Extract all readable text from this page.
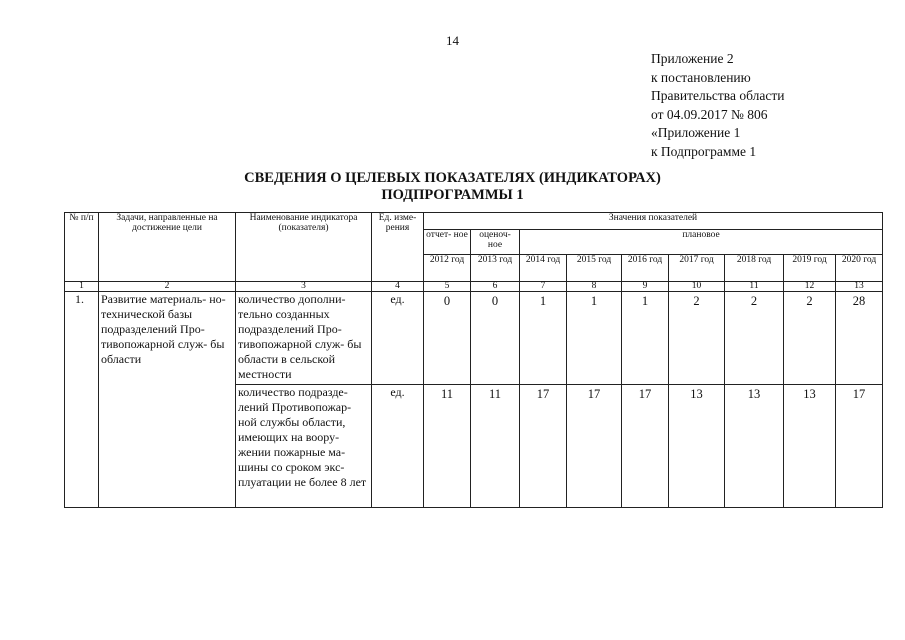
14
Приложение 2
к постановлению
Правительства области
от 04.09.2017 № 806
«Приложение 1
к Подпрограмме 1
СВЕДЕНИЯ О ЦЕЛЕВЫХ ПОКАЗАТЕЛЯХ (ИНДИКАТОРАХ)
ПОДПРОГРАММЫ 1
№ п/п	Задачи, направленные на достижение цели	Наименование индикатора (показателя)	Ед. изме- рения	Значения показателей								
				отчет- ное	оценоч- ное	плановое						
				2012 год	2013 год	2014 год	2015 год	2016 год	2017 год	2018 год	2019 год	2020 год
1	2	3	4	5	6	7	8	9	10	11	12	13
1.	Развитие материаль- но-технической базы подразделений Про- тивопожарной служ- бы области	количество дополни- тельно созданных подразделений Про- тивопожарной служ- бы области в сельской местности	ед.	0	0	1	1	1	2	2	2	28
		количество подразде- лений Противопожар- ной службы области, имеющих на воору- жении пожарные ма- шины со сроком экс- плуатации не более 8 лет	ед.	11	11	17	17	17	13	13	13	17
